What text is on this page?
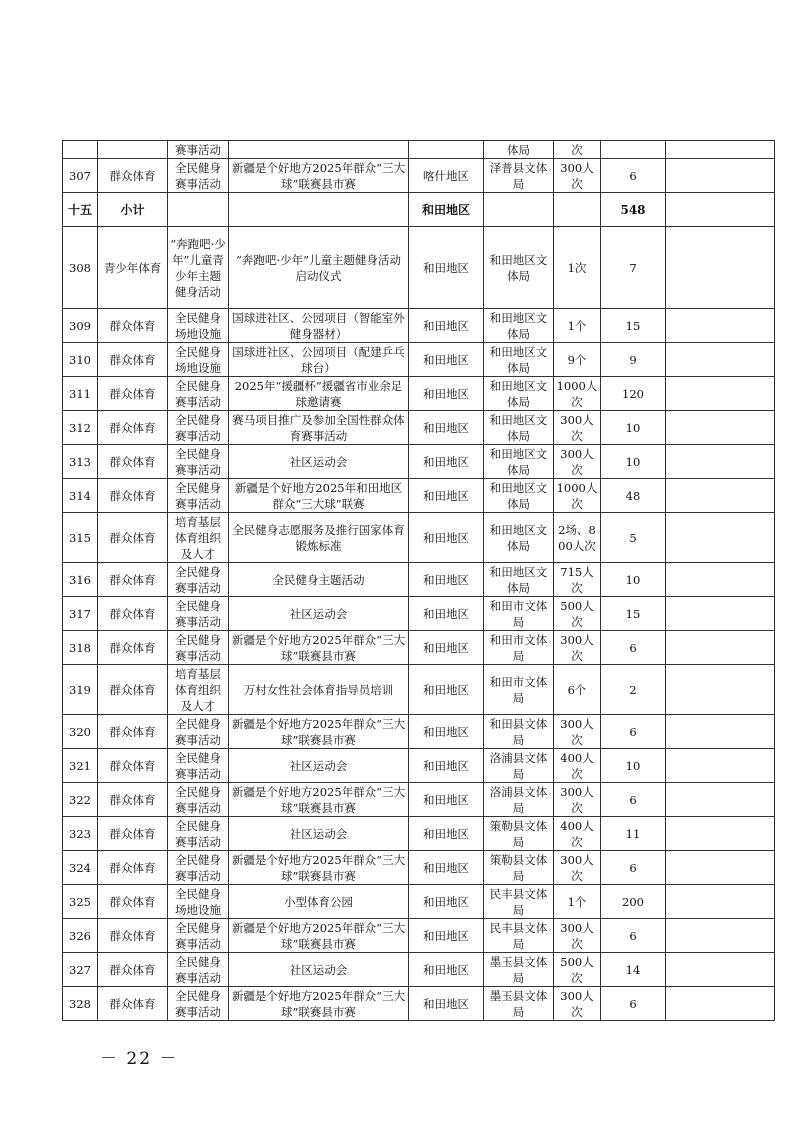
		赛事活动			体局	次		
307	群众体育	全民健身赛事活动	新疆是个好地方2025年群众“三大球”联赛县市赛	喀什地区	泽普县文体局	300人次	6	
十五	小计			和田地区			548	
308	青少年体育	“奔跑吧·少年”儿童青少年主题健身活动	“奔跑吧·少年”儿童主题健身活动启动仪式	和田地区	和田地区文体局	1次	7	
309	群众体育	全民健身场地设施	国球进社区、公园项目（智能室外健身器材）	和田地区	和田地区文体局	1个	15	
310	群众体育	全民健身场地设施	国球进社区、公园项目（配建乒乓球台）	和田地区	和田地区文体局	9个	9	
311	群众体育	全民健身赛事活动	2025年“援疆杯”援疆省市业余足球邀请赛	和田地区	和田地区文体局	1000人次	120	
312	群众体育	全民健身赛事活动	赛马项目推广及参加全国性群众体育赛事活动	和田地区	和田地区文体局	300人次	10	
313	群众体育	全民健身赛事活动	社区运动会	和田地区	和田地区文体局	300人次	10	
314	群众体育	全民健身赛事活动	新疆是个好地方2025年和田地区群众“三大球”联赛	和田地区	和田地区文体局	1000人次	48	
315	群众体育	培育基层体育组织及人才	全民健身志愿服务及推行国家体育锻炼标准	和田地区	和田地区文体局	2场、800人次	5	
316	群众体育	全民健身赛事活动	全民健身主题活动	和田地区	和田地区文体局	715人次	10	
317	群众体育	全民健身赛事活动	社区运动会	和田地区	和田市文体局	500人次	15	
318	群众体育	全民健身赛事活动	新疆是个好地方2025年群众“三大球”联赛县市赛	和田地区	和田市文体局	300人次	6	
319	群众体育	培育基层体育组织及人才	万村女性社会体育指导员培训	和田地区	和田市文体局	6个	2	
320	群众体育	全民健身赛事活动	新疆是个好地方2025年群众“三大球”联赛县市赛	和田地区	和田县文体局	300人次	6	
321	群众体育	全民健身赛事活动	社区运动会	和田地区	洛浦县文体局	400人次	10	
322	群众体育	全民健身赛事活动	新疆是个好地方2025年群众“三大球”联赛县市赛	和田地区	洛浦县文体局	300人次	6	
323	群众体育	全民健身赛事活动	社区运动会	和田地区	策勒县文体局	400人次	11	
324	群众体育	全民健身赛事活动	新疆是个好地方2025年群众“三大球”联赛县市赛	和田地区	策勒县文体局	300人次	6	
325	群众体育	全民健身场地设施	小型体育公园	和田地区	民丰县文体局	1个	200	
326	群众体育	全民健身赛事活动	新疆是个好地方2025年群众“三大球”联赛县市赛	和田地区	民丰县文体局	300人次	6	
327	群众体育	全民健身赛事活动	社区运动会	和田地区	墨玉县文体局	500人次	14	
328	群众体育	全民健身赛事活动	新疆是个好地方2025年群众“三大球”联赛县市赛	和田地区	墨玉县文体局	300人次	6	
－ 22 －
